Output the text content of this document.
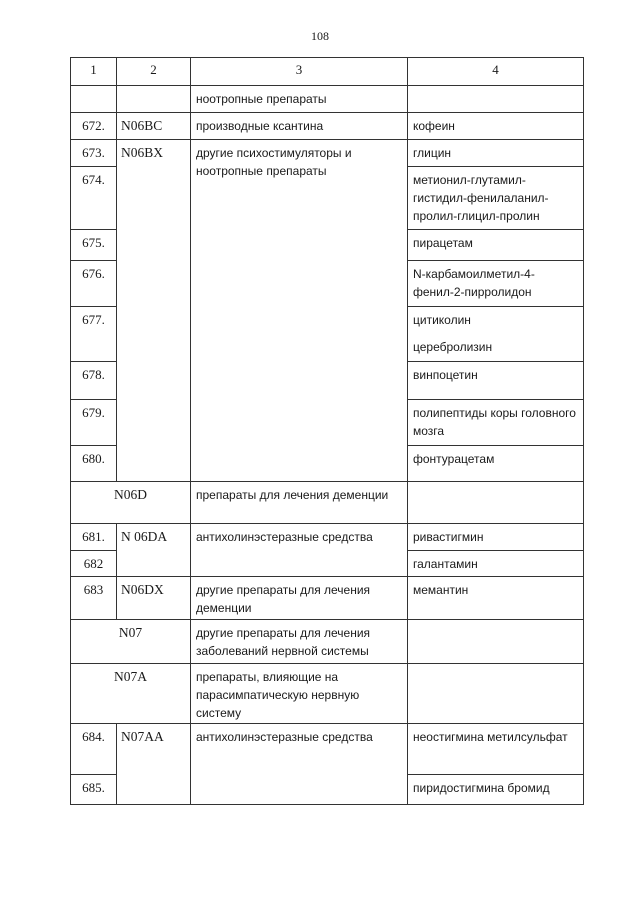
108
1	2	3	4
		ноотропные препараты	
672.	N06BC	производные ксантина	кофеин
673.	N06BX	другие психостимуляторы и ноотропные препараты	глицин
674.			метионил-глутамил-гистидил-фенилаланил-пролил-глицил-пролин
675.			пирацетам
676.			N-карбамоилметил-4-фенил-2-пирролидон
677.			цитиколин
церебролизин

678.			винпоцетин
679.			полипептиды коры головного мозга
680.			фонтурацетам
N06D		препараты для лечения деменции	
681.	N 06DA	антихолинэстеразные средства	ривастигмин
682			галантамин
683	N06DX	другие препараты для лечения деменции	мемантин
N07		другие препараты для лечения заболеваний нервной системы	
N07A		препараты, влияющие на парасимпатическую нервную систему	
684.	N07AA	антихолинэстеразные средства	неостигмина метилсульфат
685.			пиридостигмина бромид
